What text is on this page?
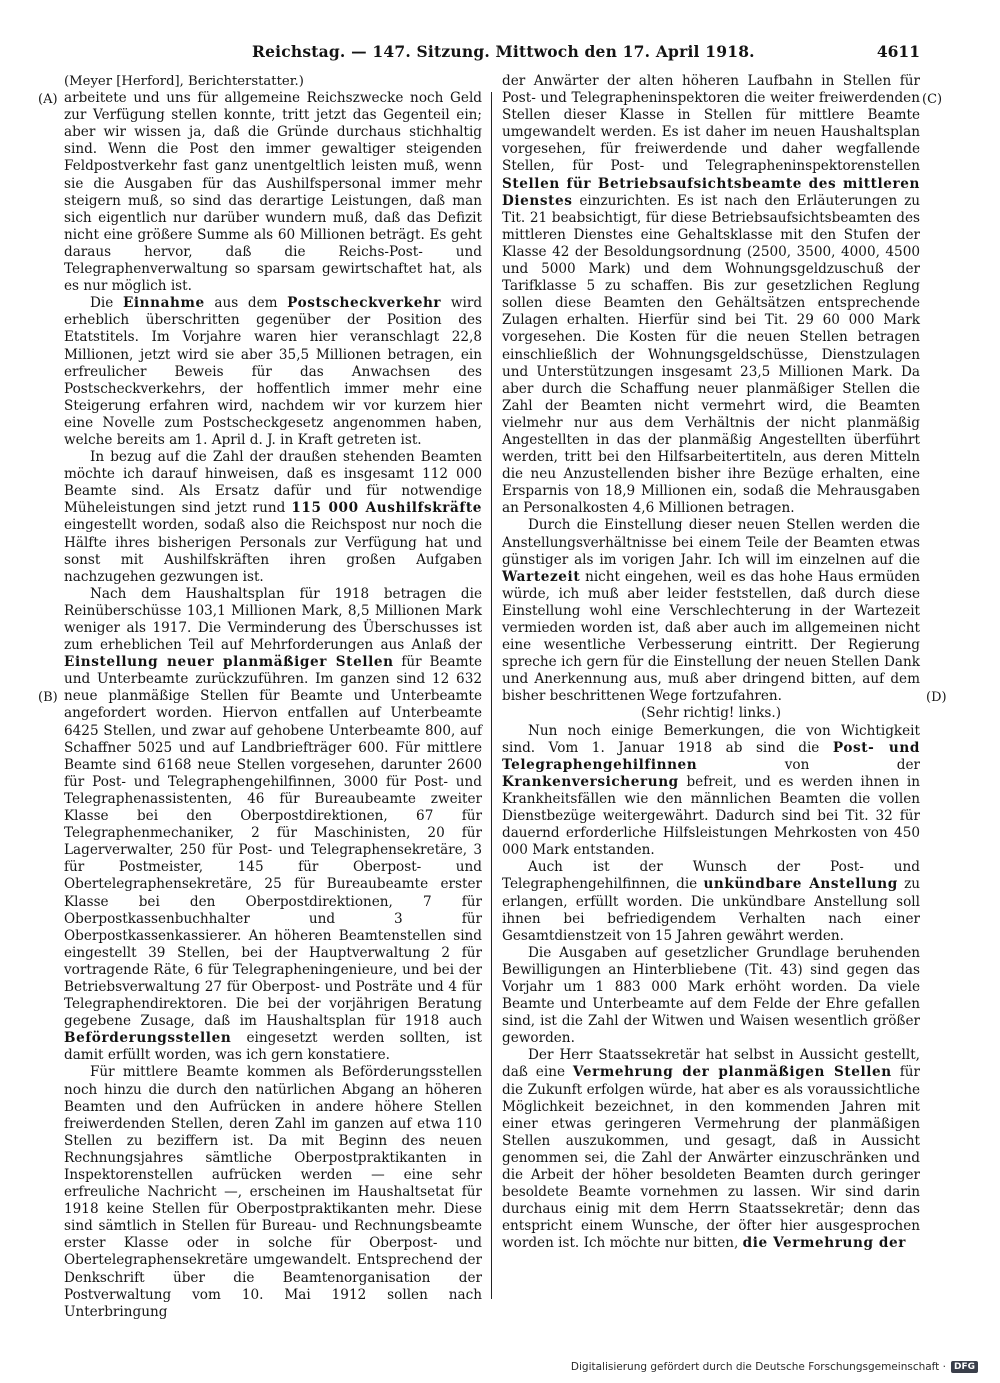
Reichstag. — 147. Sitzung. Mittwoch den 17. April 1918.	4611
(A)
(B)
(C)
(D)

(Meyer [Herford], Berichterstatter.)

arbeitete und uns für allgemeine Reichszwecke noch Geld zur Verfügung stellen konnte, tritt jetzt das Gegenteil ein; aber wir wissen ja, daß die Gründe durchaus stichhaltig sind. Wenn die Post den immer gewaltiger steigenden Feldpostverkehr fast ganz unentgeltlich leisten muß, wenn sie die Ausgaben für das Aushilfspersonal immer mehr steigern muß, so sind das derartige Leistungen, daß man sich eigentlich nur darüber wundern muß, daß das Defizit nicht eine größere Summe als 60 Millionen beträgt. Es geht daraus hervor, daß die Reichs-Post- und Telegraphenverwaltung so sparsam gewirtschaftet hat, als es nur möglich ist.

Die Einnahme aus dem Postscheckverkehr wird erheblich überschritten gegenüber der Position des Etatstitels. Im Vorjahre waren hier veranschlagt 22,8 Millionen, jetzt wird sie aber 35,5 Millionen betragen, ein erfreulicher Beweis für das Anwachsen des Postscheckverkehrs, der hoffentlich immer mehr eine Steigerung erfahren wird, nachdem wir vor kurzem hier eine Novelle zum Postscheckgesetz angenommen haben, welche bereits am 1. April d. J. in Kraft getreten ist.

In bezug auf die Zahl der draußen stehenden Beamten möchte ich darauf hinweisen, daß es insgesamt 112 000 Beamte sind. Als Ersatz dafür und für notwendige Müheleistungen sind jetzt rund 115 000 Aushilfskräfte eingestellt worden, sodaß also die Reichspost nur noch die Hälfte ihres bisherigen Personals zur Verfügung hat und sonst mit Aushilfskräften ihren großen Aufgaben nachzugehen gezwungen ist.

Nach dem Haushaltsplan für 1918 betragen die Reinüberschüsse 103,1 Millionen Mark, 8,5 Millionen Mark weniger als 1917. Die Verminderung des Überschusses ist zum erheblichen Teil auf Mehrforderungen aus Anlaß der Einstellung neuer planmäßiger Stellen für Beamte und Unterbeamte zurückzuführen. Im ganzen sind 12 632 neue planmäßige Stellen für Beamte und Unterbeamte angefordert worden. Hiervon entfallen auf Unterbeamte 6425 Stellen, und zwar auf gehobene Unterbeamte 800, auf Schaffner 5025 und auf Landbriefträger 600. Für mittlere Beamte sind 6168 neue Stellen vorgesehen, darunter 2600 für Post- und Telegraphengehilfinnen, 3000 für Post- und Telegraphenassistenten, 46 für Bureaubeamte zweiter Klasse bei den Oberpostdirektionen, 67 für Telegraphenmechaniker, 2 für Maschinisten, 20 für Lagerverwalter, 250 für Post- und Telegraphensekretäre, 3 für Postmeister, 145 für Oberpost- und Obertelegraphensekretäre, 25 für Bureaubeamte erster Klasse bei den Oberpostdirektionen, 7 für Oberpostkassenbuchhalter und 3 für Oberpostkassenkassierer. An höheren Beamtenstellen sind eingestellt 39 Stellen, bei der Hauptverwaltung 2 für vortragende Räte, 6 für Telegrapheningenieure, und bei der Betriebsverwaltung 27 für Oberpost- und Posträte und 4 für Telegraphendirektoren. Die bei der vorjährigen Beratung gegebene Zusage, daß im Haushaltsplan für 1918 auch Beförderungsstellen eingesetzt werden sollten, ist damit erfüllt worden, was ich gern konstatiere.

Für mittlere Beamte kommen als Beförderungsstellen noch hinzu die durch den natürlichen Abgang an höheren Beamten und den Aufrücken in andere höhere Stellen freiwerdenden Stellen, deren Zahl im ganzen auf etwa 110 Stellen zu beziffern ist. Da mit Beginn des neuen Rechnungsjahres sämtliche Oberpostpraktikanten in Inspektorenstellen aufrücken werden — eine sehr erfreuliche Nachricht —, erscheinen im Haushaltsetat für 1918 keine Stellen für Oberpostpraktikanten mehr. Diese sind sämtlich in Stellen für Bureau- und Rechnungsbeamte erster Klasse oder in solche für Oberpost- und Obertelegraphensekretäre umgewandelt. Entsprechend der Denkschrift über die Beamtenorganisation der Postverwaltung vom 10. Mai 1912 sollen nach Unterbringung

der Anwärter der alten höheren Laufbahn in Stellen für Post- und Telegrapheninspektoren die weiter freiwerdenden Stellen dieser Klasse in Stellen für mittlere Beamte umgewandelt werden. Es ist daher im neuen Haushaltsplan vorgesehen, für freiwerdende und daher wegfallende Stellen, für Post- und Telegrapheninspektorenstellen Stellen für Betriebsaufsichtsbeamte des mittleren Dienstes einzurichten. Es ist nach den Erläuterungen zu Tit. 21 beabsichtigt, für diese Betriebsaufsichtsbeamten des mittleren Dienstes eine Gehaltsklasse mit den Stufen der Klasse 42 der Besoldungsordnung (2500, 3500, 4000, 4500 und 5000 Mark) und dem Wohnungsgeldzuschuß der Tarifklasse 5 zu schaffen. Bis zur gesetzlichen Reglung sollen diese Beamten den Gehältsätzen entsprechende Zulagen erhalten. Hierfür sind bei Tit. 29 60 000 Mark vorgesehen. Die Kosten für die neuen Stellen betragen einschließlich der Wohnungsgeldschüsse, Dienstzulagen und Unterstützungen insgesamt 23,5 Millionen Mark. Da aber durch die Schaffung neuer planmäßiger Stellen die Zahl der Beamten nicht vermehrt wird, die Beamten vielmehr nur aus dem Verhältnis der nicht planmäßig Angestellten in das der planmäßig Angestellten überführt werden, tritt bei den Hilfsarbeitertiteln, aus deren Mitteln die neu Anzustellenden bisher ihre Bezüge erhalten, eine Ersparnis von 18,9 Millionen ein, sodaß die Mehrausgaben an Personalkosten 4,6 Millionen betragen.

Durch die Einstellung dieser neuen Stellen werden die Anstellungsverhältnisse bei einem Teile der Beamten etwas günstiger als im vorigen Jahr. Ich will im einzelnen auf die Wartezeit nicht eingehen, weil es das hohe Haus ermüden würde, ich muß aber leider feststellen, daß durch diese Einstellung wohl eine Verschlechterung in der Wartezeit vermieden worden ist, daß aber auch im allgemeinen nicht eine wesentliche Verbesserung eintritt. Der Regierung spreche ich gern für die Einstellung der neuen Stellen Dank und Anerkennung aus, muß aber dringend bitten, auf dem bisher beschrittenen Wege fortzufahren.

(Sehr richtig! links.)

Nun noch einige Bemerkungen, die von Wichtigkeit sind. Vom 1. Januar 1918 ab sind die Post- und Telegraphengehilfinnen	von der Krankenversicherung befreit, und es werden ihnen in Krankheitsfällen wie den männlichen Beamten die vollen Dienstbezüge weitergewährt. Dadurch sind bei Tit. 32 für dauernd erforderliche Hilfsleistungen Mehrkosten von 450 000 Mark entstanden.

Auch ist der Wunsch der Post- und Telegraphengehilfinnen, die unkündbare Anstellung zu erlangen, erfüllt worden. Die unkündbare Anstellung soll ihnen bei befriedigendem Verhalten nach einer Gesamtdienstzeit von 15 Jahren gewährt werden.

Die Ausgaben auf gesetzlicher Grundlage beruhenden Bewilligungen an Hinterbliebene (Tit. 43) sind gegen das Vorjahr um 1 883 000 Mark erhöht worden. Da viele Beamte und Unterbeamte auf dem Felde der Ehre gefallen sind, ist die Zahl der Witwen und Waisen wesentlich größer geworden.

Der Herr Staatssekretär hat selbst in Aussicht gestellt, daß eine Vermehrung der planmäßigen Stellen für die Zukunft erfolgen würde, hat aber es als voraussichtliche Möglichkeit bezeichnet, in den kommenden Jahren mit einer etwas geringeren Vermehrung der planmäßigen Stellen auszukommen, und gesagt, daß in Aussicht genommen sei, die Zahl der Anwärter einzuschränken und die Arbeit der höher besoldeten Beamten durch geringer besoldete Beamte vornehmen zu lassen. Wir sind darin durchaus einig mit dem Herrn Staatssekretär; denn das entspricht einem Wunsche, der öfter hier ausgesprochen worden ist. Ich möchte nur bitten, die Vermehrung der

Digitalisierung gefördert durch die Deutsche Forschungsgemeinschaft · DFG
